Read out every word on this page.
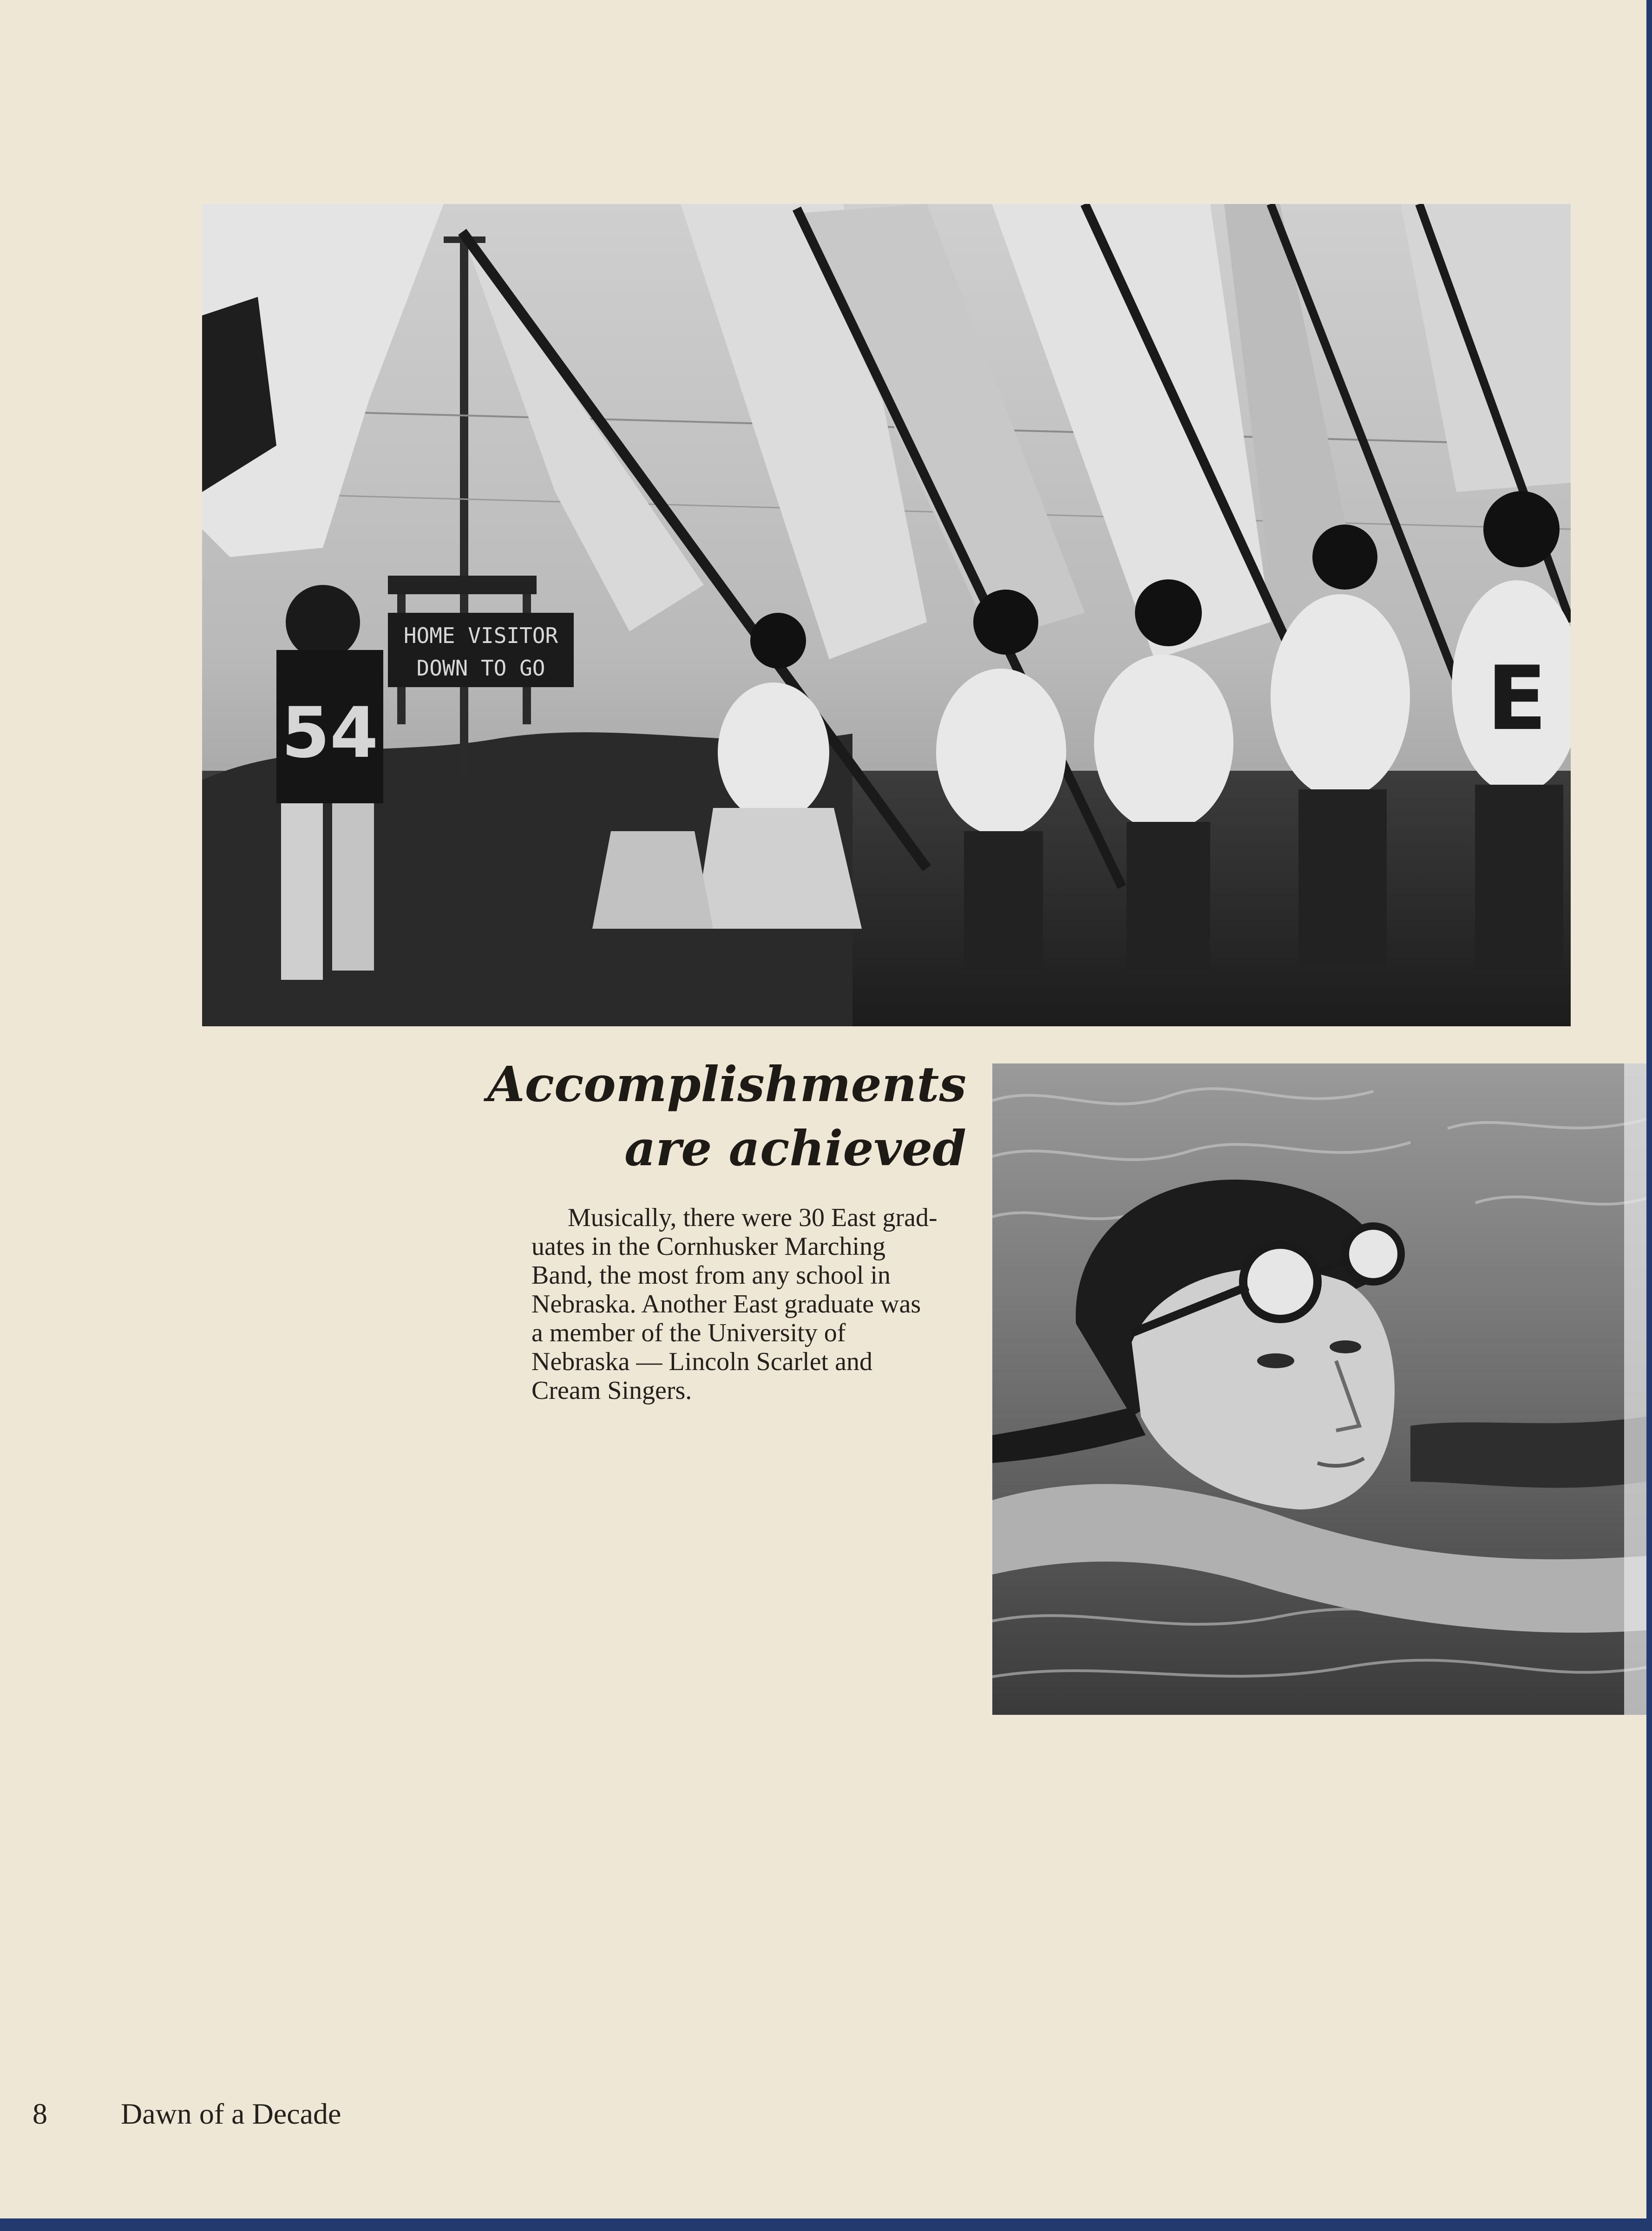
HOME VISITOR
DOWN TO GO	E
54
Accomplishments
are achieved

Musically, there were 30 East grad-
uates in the Cornhusker Marching
Band, the most from any school in
Nebraska. Another East graduate was
a member of the University of
Nebraska — Lincoln Scarlet and
Cream Singers.

8 Dawn of a Decade
